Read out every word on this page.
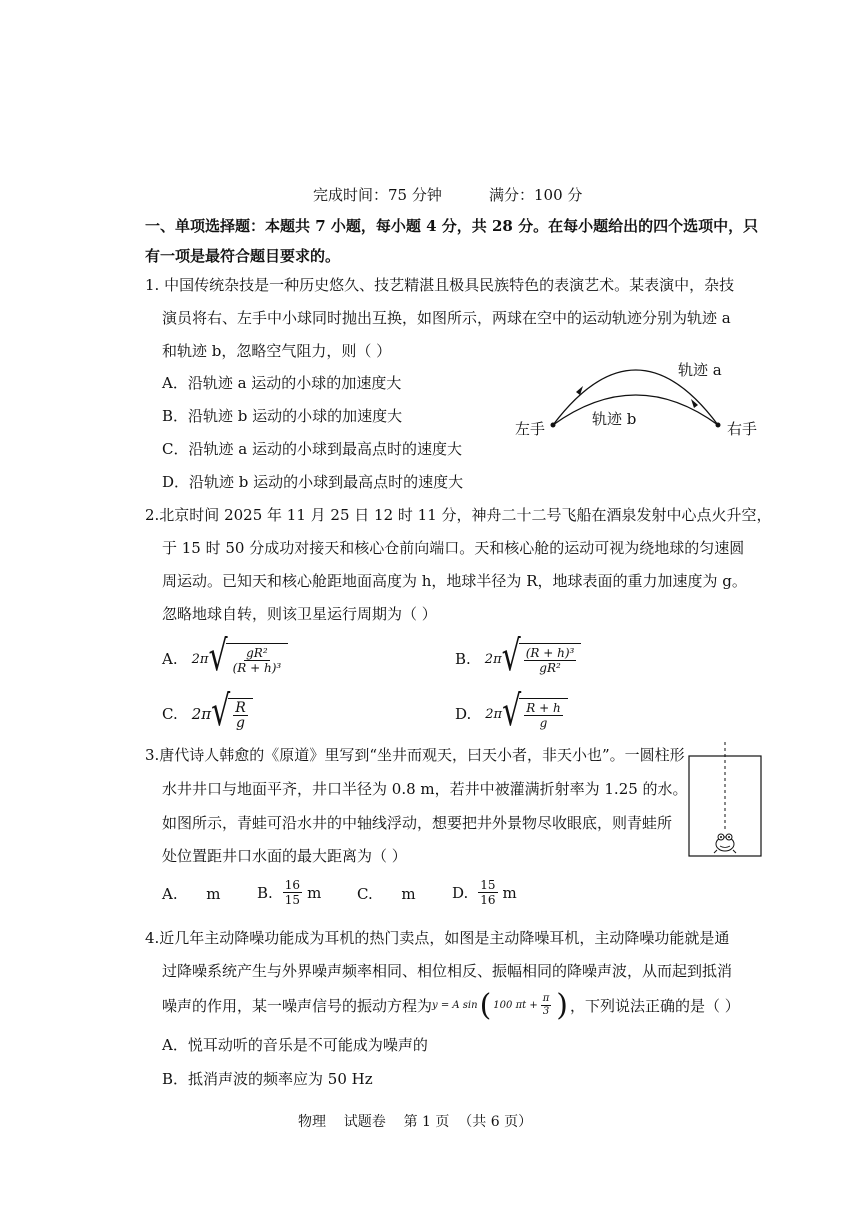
完成时间：75 分钟	满分：100 分
一、单项选择题：本题共 7 小题，每小题 4 分，共 28 分。在每小题给出的四个选项中，只
有一项是最符合题目要求的。
1. 中国传统杂技是一种历史悠久、技艺精湛且极具民族特色的表演艺术。某表演中，杂技
演员将右、左手中小球同时抛出互换，如图所示，两球在空中的运动轨迹分别为轨迹 a
和轨迹 b，忽略空气阻力，则（ ）
A．沿轨迹 a 运动的小球的加速度大
B．沿轨迹 b 运动的小球的加速度大
C．沿轨迹 a 运动的小球到最高点时的速度大
D．沿轨迹 b 运动的小球到最高点时的速度大
轨迹 a
轨迹 b
左手	右手
2.北京时间 2025 年 11 月 25 日 12 时 11 分，神舟二十二号飞船在酒泉发射中心点火升空，
于 15 时 50 分成功对接天和核心仓前向端口。天和核心舱的运动可视为绕地球的匀速圆
周运动。已知天和核心舱距地面高度为 h，地球半径为 R，地球表面的重力加速度为 g。
忽略地球自转，则该卫星运行周期为（ ）
A. 2π √ $\frac{\text{gR²}}{\text{(R + h)³}}$	B. 2π √ $\frac{\text{(R + h)³}}{\text{gR²}}$
C. 2π √ $\frac{R}{g}$	D. 2π √ $\frac{R + h}{g}$
3.唐代诗人韩愈的《原道》里写到“坐井而观天，曰天小者，非天小也”。一圆柱形
水井井口与地面平齐，井口半径为 0.8 m，若井中被灌满折射率为 1.25 的水。
如图所示，青蛙可沿水井的中轴线浮动，想要把井外景物尽收眼底，则青蛙所
处位置距井口水面的最大距离为（ ）
A.      m B. $\frac{16}{15}$ m C.      m D. $\frac{15}{16}$ m
4.近几年主动降噪功能成为耳机的热门卖点，如图是主动降噪耳机，主动降噪功能就是通
过降噪系统产生与外界噪声频率相同、相位相反、振幅相同的降噪声波，从而起到抵消
噪声的作用，某一噪声信号的振动方程为 y = A sin ( 100 $\pi t + \frac{\pi}{3}$ ) ，下列说法正确的是（ ）
A．悦耳动听的音乐是不可能成为噪声的
B．抵消声波的频率应为 50 Hz
物理    试题卷    第 1 页  （共 6 页）
